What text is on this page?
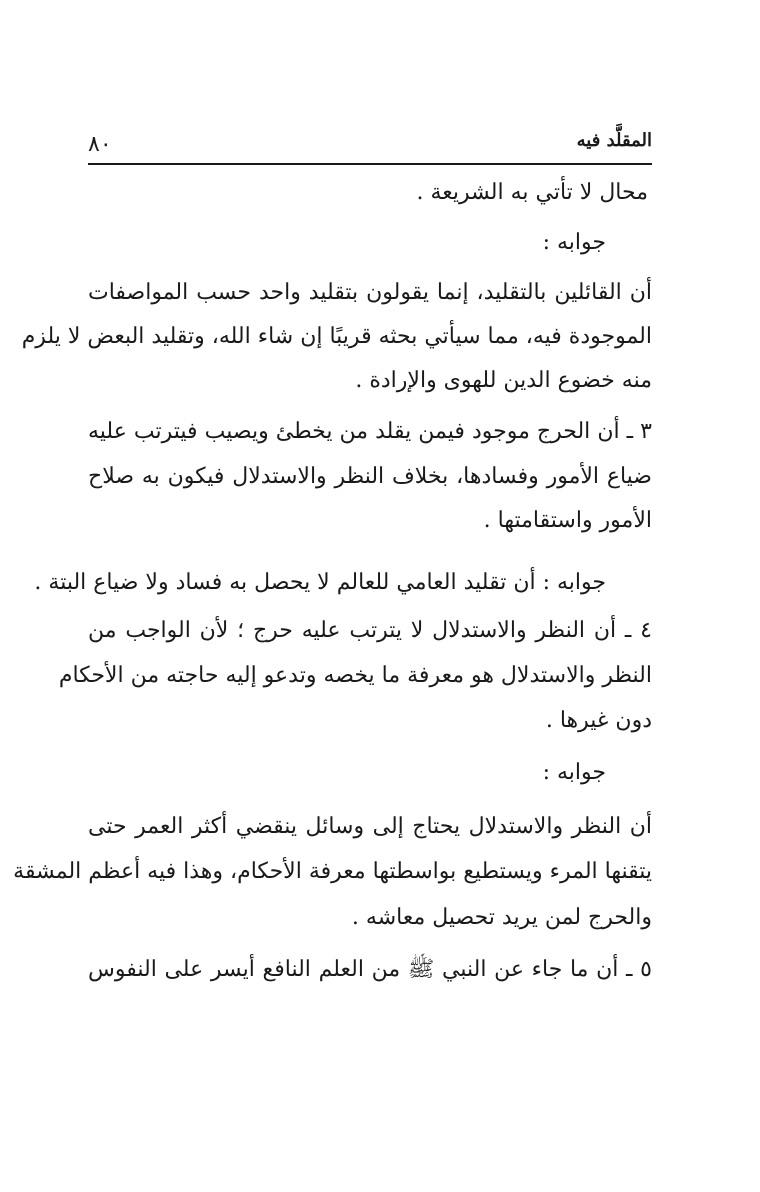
٨٠	المقلَّد فيه
محال لا تأتي به الشريعة .
جوابه :
أن القائلين بالتقليد، إنما يقولون بتقليد واحد حسب المواصفات
الموجودة فيه، مما سيأتي بحثه قريبًا إن شاء الله، وتقليد البعض لا يلزم
منه خضوع الدين للهوى والإرادة .
٣ ـ أن الحرج موجود فيمن يقلد من يخطئ ويصيب فيترتب عليه
ضياع الأمور وفسادها، بخلاف النظر والاستدلال فيكون به صلاح
الأمور واستقامتها .
جوابه : أن تقليد العامي للعالم لا يحصل به فساد ولا ضياع البتة .
٤ ـ أن النظر والاستدلال لا يترتب عليه حرج ؛ لأن الواجب من
النظر والاستدلال هو معرفة ما يخصه وتدعو إليه حاجته من الأحكام
دون غيرها .
جوابه :
أن النظر والاستدلال يحتاج إلى وسائل ينقضي أكثر العمر حتى
يتقنها المرء ويستطيع بواسطتها معرفة الأحكام، وهذا فيه أعظم المشقة
والحرج لمن يريد تحصيل معاشه .
٥ ـ أن ما جاء عن النبي ﷺ من العلم النافع أيسر على النفوس
